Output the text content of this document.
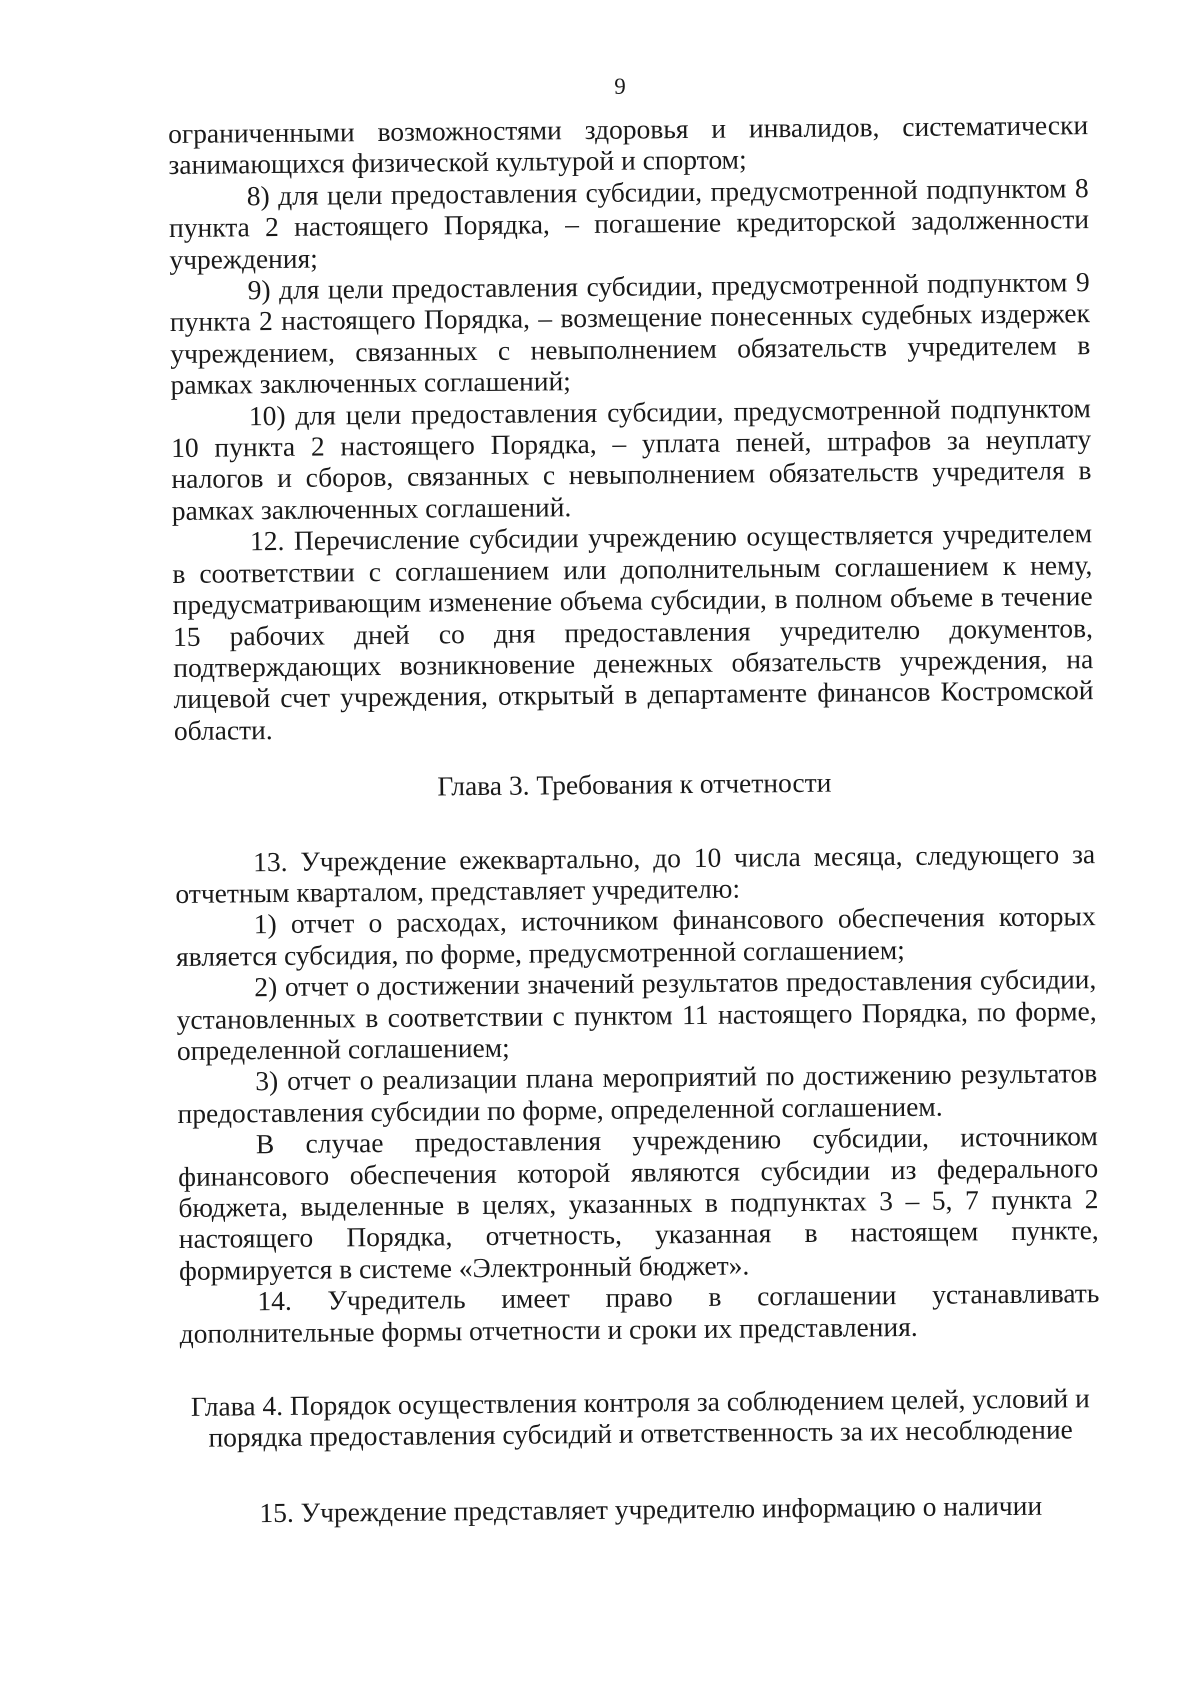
9

ограниченными возможностями здоровья и инвалидов, систематически занимающихся физической культурой и спортом;

8) для цели предоставления субсидии, предусмотренной подпунктом 8 пункта 2 настоящего Порядка, – погашение кредиторской задолженности учреждения;

9) для цели предоставления субсидии, предусмотренной подпунктом 9 пункта 2 настоящего Порядка, – возмещение понесенных судебных издержек учреждением, связанных с невыполнением обязательств учредителем в рамках заключенных соглашений;

10) для цели предоставления субсидии, предусмотренной подпунктом 10 пункта 2 настоящего Порядка, – уплата пеней, штрафов за неуплату налогов и сборов, связанных с невыполнением обязательств учредителя в рамках заключенных соглашений.

12. Перечисление субсидии учреждению осуществляется учредителем в соответствии с соглашением или дополнительным соглашением к нему, предусматривающим изменение объема субсидии, в полном объеме в течение 15 рабочих дней со дня предоставления учредителю документов, подтверждающих возникновение денежных обязательств учреждения, на лицевой счет учреждения, открытый в департаменте финансов Костромской области.

Глава 3. Требования к отчетности

13. Учреждение ежеквартально, до 10 числа месяца, следующего за отчетным кварталом, представляет учредителю:

1) отчет о расходах, источником финансового обеспечения которых является субсидия, по форме, предусмотренной соглашением;

2) отчет о достижении значений результатов предоставления субсидии, установленных в соответствии с пунктом 11 настоящего Порядка, по форме, определенной соглашением;

3) отчет о реализации плана мероприятий по достижению результатов предоставления субсидии по форме, определенной соглашением.

В случае предоставления учреждению субсидии, источником финансового обеспечения которой являются субсидии из федерального бюджета, выделенные в целях, указанных в подпунктах 3 – 5, 7 пункта 2 настоящего Порядка, отчетность, указанная в настоящем пункте, формируется в системе «Электронный бюджет».

14. Учредитель имеет право в соглашении устанавливать дополнительные формы отчетности и сроки их представления.

Глава 4. Порядок осуществления контроля за соблюдением целей, условий и порядка предоставления субсидий и ответственность за их несоблюдение

15. Учреждение представляет учредителю информацию о наличии
